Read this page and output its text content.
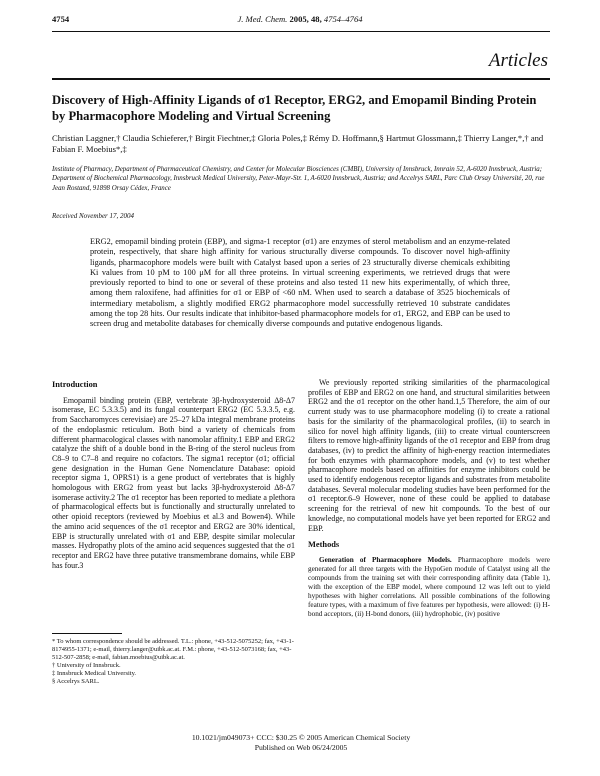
4754	J. Med. Chem. 2005, 48, 4754–4764
Articles
Discovery of High-Affinity Ligands of σ1 Receptor, ERG2, and Emopamil Binding Protein by Pharmacophore Modeling and Virtual Screening
Christian Laggner,† Claudia Schieferer,† Birgit Fiechtner,‡ Gloria Poles,‡ Rémy D. Hoffmann,§ Hartmut Glossmann,‡ Thierry Langer,*,† and Fabian F. Moebius*,‡
Institute of Pharmacy, Department of Pharmaceutical Chemistry, and Center for Molecular Biosciences (CMBI), University of Innsbruck, Innrain 52, A-6020 Innsbruck, Austria; Department of Biochemical Pharmacology, Innsbruck Medical University, Peter-Mayr-Str. 1, A-6020 Innsbruck, Austria; and Accelrys SARL, Parc Club Orsay Université, 20, rue Jean Rostand, 91898 Orsay Cédex, France
Received November 17, 2004
ERG2, emopamil binding protein (EBP), and sigma-1 receptor (σ1) are enzymes of sterol metabolism and an enzyme-related protein, respectively, that share high affinity for various structurally diverse compounds. To discover novel high-affinity ligands, pharmacophore models were built with Catalyst based upon a series of 23 structurally diverse chemicals exhibiting Ki values from 10 pM to 100 μM for all three proteins. In virtual screening experiments, we retrieved drugs that were previously reported to bind to one or several of these proteins and also tested 11 new hits experimentally, of which three, among them raloxifene, had affinities for σ1 or EBP of <60 nM. When used to search a database of 3525 biochemicals of intermediary metabolism, a slightly modified ERG2 pharmacophore model successfully retrieved 10 substrate candidates among the top 28 hits. Our results indicate that inhibitor-based pharmacophore models for σ1, ERG2, and EBP can be used to screen drug and metabolite databases for chemically diverse compounds and putative endogenous ligands.
Introduction

Emopamil binding protein (EBP, vertebrate 3β-hydroxysteroid Δ8-Δ7 isomerase, EC 5.3.3.5) and its fungal counterpart ERG2 (EC 5.3.3.5, e.g. from Saccharomyces cerevisiae) are 25–27 kDa integral membrane proteins of the endoplasmic reticulum. Both bind a variety of chemicals from different pharmacological classes with nanomolar affinity.1 EBP and ERG2 catalyze the shift of a double bond in the B-ring of the sterol nucleus from C8–9 to C7–8 and require no cofactors. The sigma1 receptor (σ1; official gene designation in the Human Gene Nomenclature Database: opioid receptor sigma 1, OPRS1) is a gene product of vertebrates that is highly homologous with ERG2 from yeast but lacks 3β-hydroxysteroid Δ8-Δ7 isomerase activity.2 The σ1 receptor has been reported to mediate a plethora of pharmacological effects but is functionally and structurally unrelated to other opioid receptors (reviewed by Moebius et al.3 and Bowen4). While the amino acid sequences of the σ1 receptor and ERG2 are 30% identical, EBP is structurally unrelated with σ1 and EBP, despite similar molecular masses. Hydropathy plots of the amino acid sequences suggested that the σ1 receptor and ERG2 have three putative transmembrane domains, while EBP has four.3

We previously reported striking similarities of the pharmacological profiles of EBP and ERG2 on one hand, and structural similarities between ERG2 and the σ1 receptor on the other hand.1,5 Therefore, the aim of our current study was to use pharmacophore modeling (i) to create a rational basis for the similarity of the pharmacological profiles, (ii) to search in silico for novel high affinity ligands, (iii) to create virtual counterscreen filters to remove high-affinity ligands of the σ1 receptor and EBP from drug databases, (iv) to predict the affinity of high-energy reaction intermediates for both enzymes with pharmacophore models, and (v) to test whether pharmacophore models based on affinities for enzyme inhibitors could be used to identify endogenous receptor ligands and substrates from metabolite databases. Several molecular modeling studies have been performed for the σ1 receptor.6–9 However, none of these could be applied to database screening for the retrieval of new hit compounds. To the best of our knowledge, no computational models have yet been reported for ERG2 and EBP.

Methods

Generation of Pharmacophore Models. Pharmacophore models were generated for all three targets with the HypoGen module of Catalyst using all the compounds from the training set with their corresponding affinity data (Table 1), with the exception of the EBP model, where compound 12 was left out to yield hypotheses with higher correlations. All possible combinations of the following feature types, with a maximum of five features per hypothesis, were allowed: (i) H-bond acceptors, (ii) H-bond donors, (iii) hydrophobic, (iv) positive

* To whom correspondence should be addressed. T.L.: phone, +43-512-5075252; fax, +43-1-8174955-1371; e-mail, thierry.langer@uibk.ac.at. F.M.: phone, +43-512-5073168; fax, +43-512-507-2858; e-mail, fabian.moebius@uibk.ac.at.

† University of Innsbruck.

‡ Innsbruck Medical University.

§ Accelrys SARL.

10.1021/jm049073+ CCC: $30.25 © 2005 American Chemical Society
Published on Web 06/24/2005
